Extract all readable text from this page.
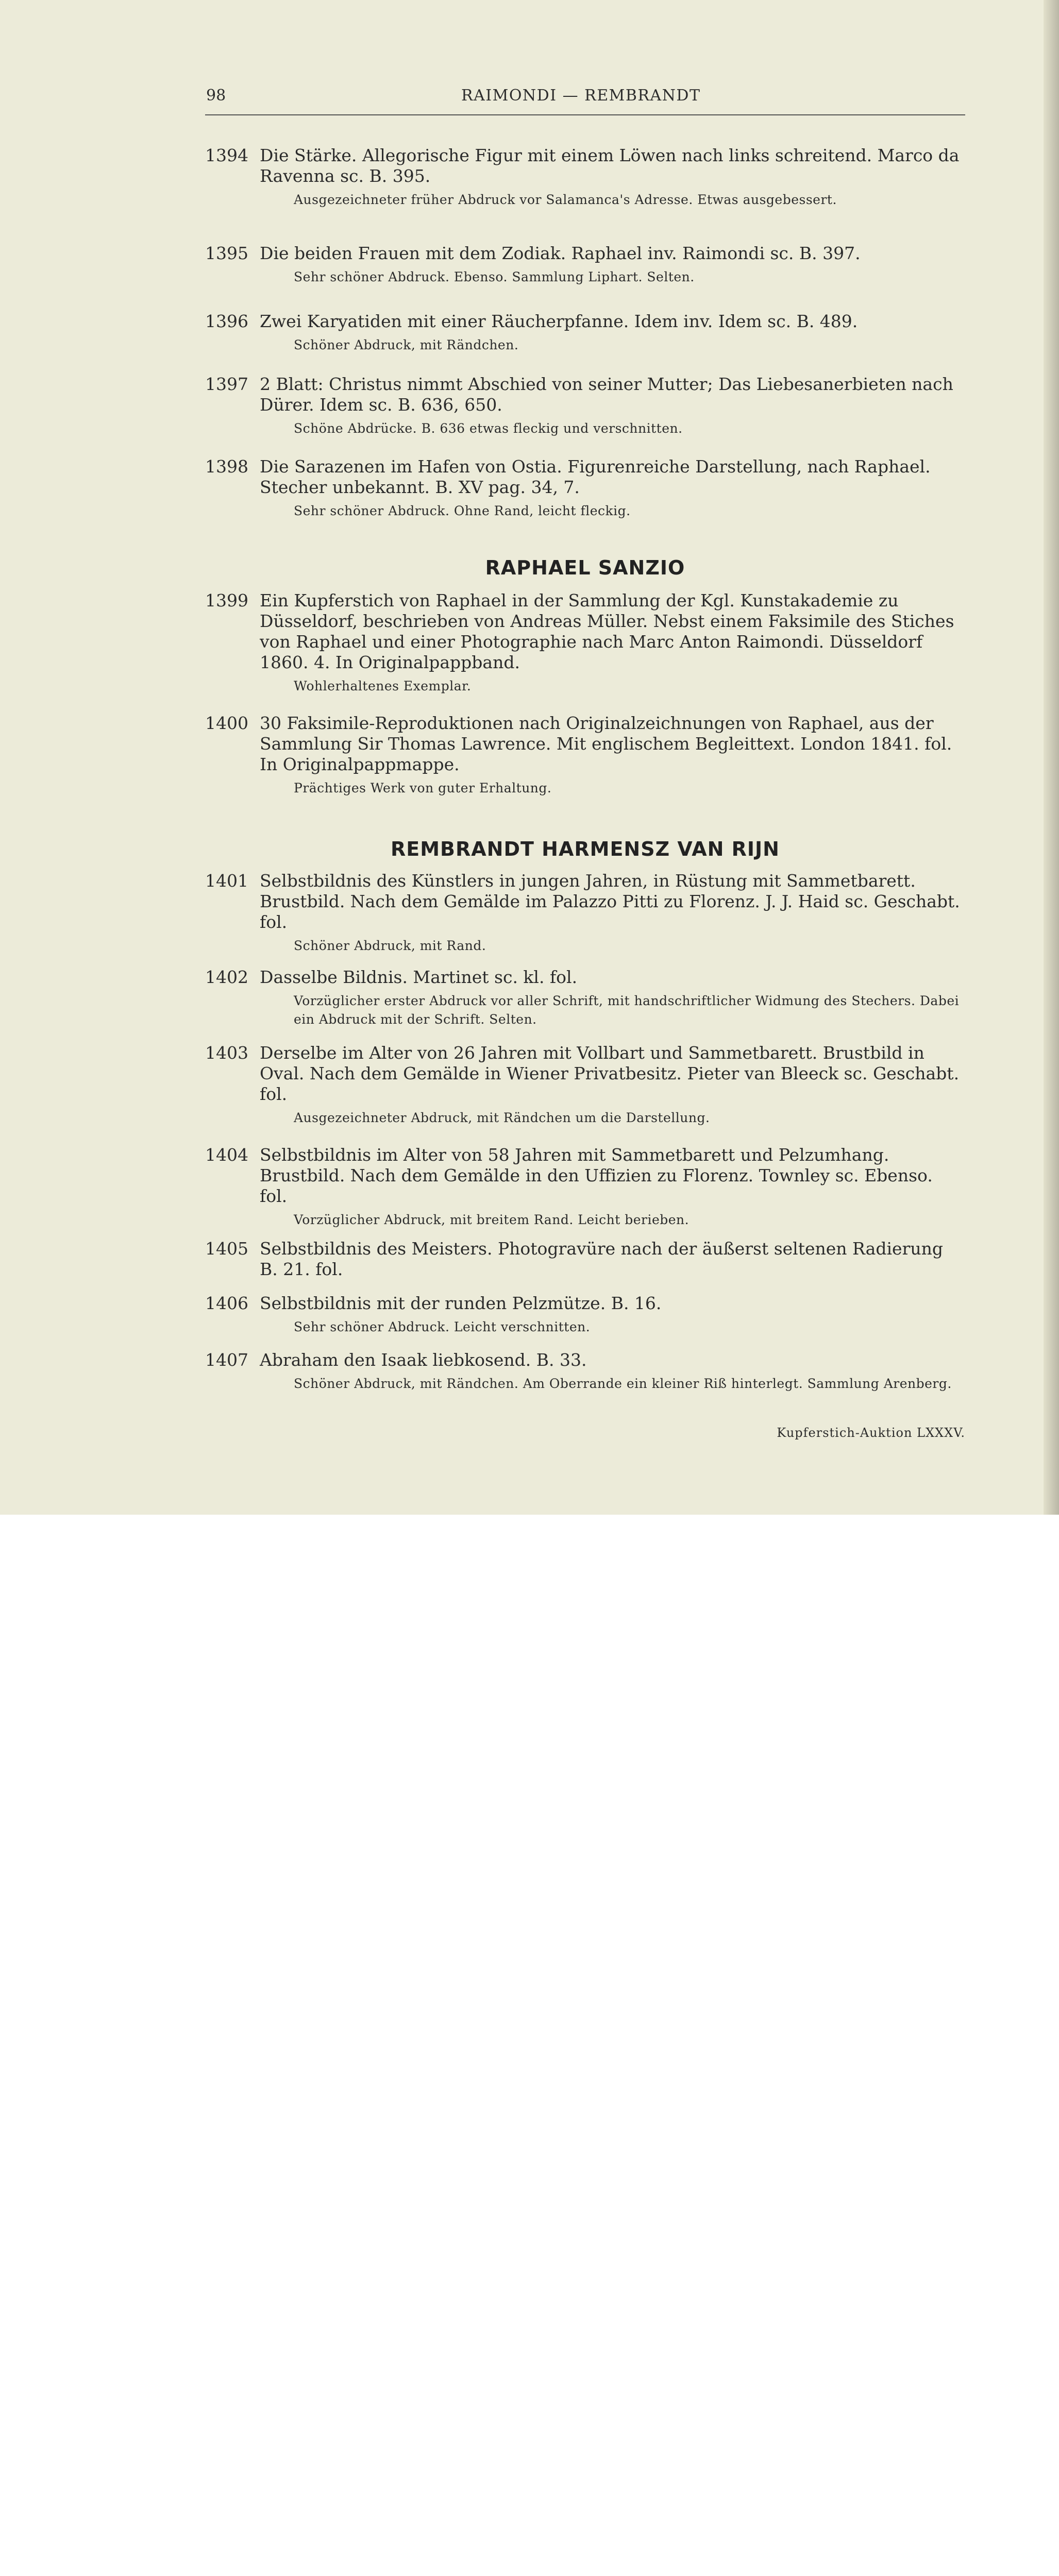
98	RAIMONDI — REMBRANDT
1394 Die Stärke. Allegorische Figur mit einem Löwen nach links schreitend. Marco da Ravenna sc. B. 395.
Ausgezeichneter früher Abdruck vor Salamanca's Adresse. Etwas ausgebessert.
1395 Die beiden Frauen mit dem Zodiak. Raphael inv. Raimondi sc. B. 397.
Sehr schöner Abdruck. Ebenso. Sammlung Liphart. Selten.
1396 Zwei Karyatiden mit einer Räucherpfanne. Idem inv. Idem sc. B. 489.
Schöner Abdruck, mit Rändchen.
1397 2 Blatt: Christus nimmt Abschied von seiner Mutter; Das Liebesanerbieten nach Dürer. Idem sc. B. 636, 650.
Schöne Abdrücke. B. 636 etwas fleckig und verschnitten.
1398 Die Sarazenen im Hafen von Ostia. Figurenreiche Darstellung, nach Raphael. Stecher unbekannt. B. XV pag. 34, 7.
Sehr schöner Abdruck. Ohne Rand, leicht fleckig.
RAPHAEL SANZIO
1399 Ein Kupferstich von Raphael in der Sammlung der Kgl. Kunstakademie zu Düsseldorf, beschrieben von Andreas Müller. Nebst einem Faksimile des Stiches von Raphael und einer Photographie nach Marc Anton Raimondi. Düsseldorf 1860. 4. In Originalpappband.
Wohlerhaltenes Exemplar.
1400 30 Faksimile-Reproduktionen nach Originalzeichnungen von Raphael, aus der Sammlung Sir Thomas Lawrence. Mit englischem Begleittext. London 1841. fol. In Originalpappmappe.
Prächtiges Werk von guter Erhaltung.
REMBRANDT HARMENSZ VAN RIJN
1401 Selbstbildnis des Künstlers in jungen Jahren, in Rüstung mit Sammetbarett. Brustbild. Nach dem Gemälde im Palazzo Pitti zu Florenz. J. J. Haid sc. Geschabt. fol.
Schöner Abdruck, mit Rand.
1402 Dasselbe Bildnis. Martinet sc. kl. fol.
Vorzüglicher erster Abdruck vor aller Schrift, mit handschriftlicher Widmung des Stechers. Dabei ein Abdruck mit der Schrift. Selten.
1403 Derselbe im Alter von 26 Jahren mit Vollbart und Sammetbarett. Brustbild in Oval. Nach dem Gemälde in Wiener Privatbesitz. Pieter van Bleeck sc. Geschabt. fol.
Ausgezeichneter Abdruck, mit Rändchen um die Darstellung.
1404 Selbstbildnis im Alter von 58 Jahren mit Sammetbarett und Pelzumhang. Brustbild. Nach dem Gemälde in den Uffizien zu Florenz. Townley sc. Ebenso. fol.
Vorzüglicher Abdruck, mit breitem Rand. Leicht berieben.
1405 Selbstbildnis des Meisters. Photogravüre nach der äußerst seltenen Radierung B. 21. fol.
1406 Selbstbildnis mit der runden Pelzmütze. B. 16.
Sehr schöner Abdruck. Leicht verschnitten.
1407 Abraham den Isaak liebkosend. B. 33.
Schöner Abdruck, mit Rändchen. Am Oberrande ein kleiner Riß hinterlegt. Sammlung Arenberg.
Kupferstich-Auktion LXXXV.
